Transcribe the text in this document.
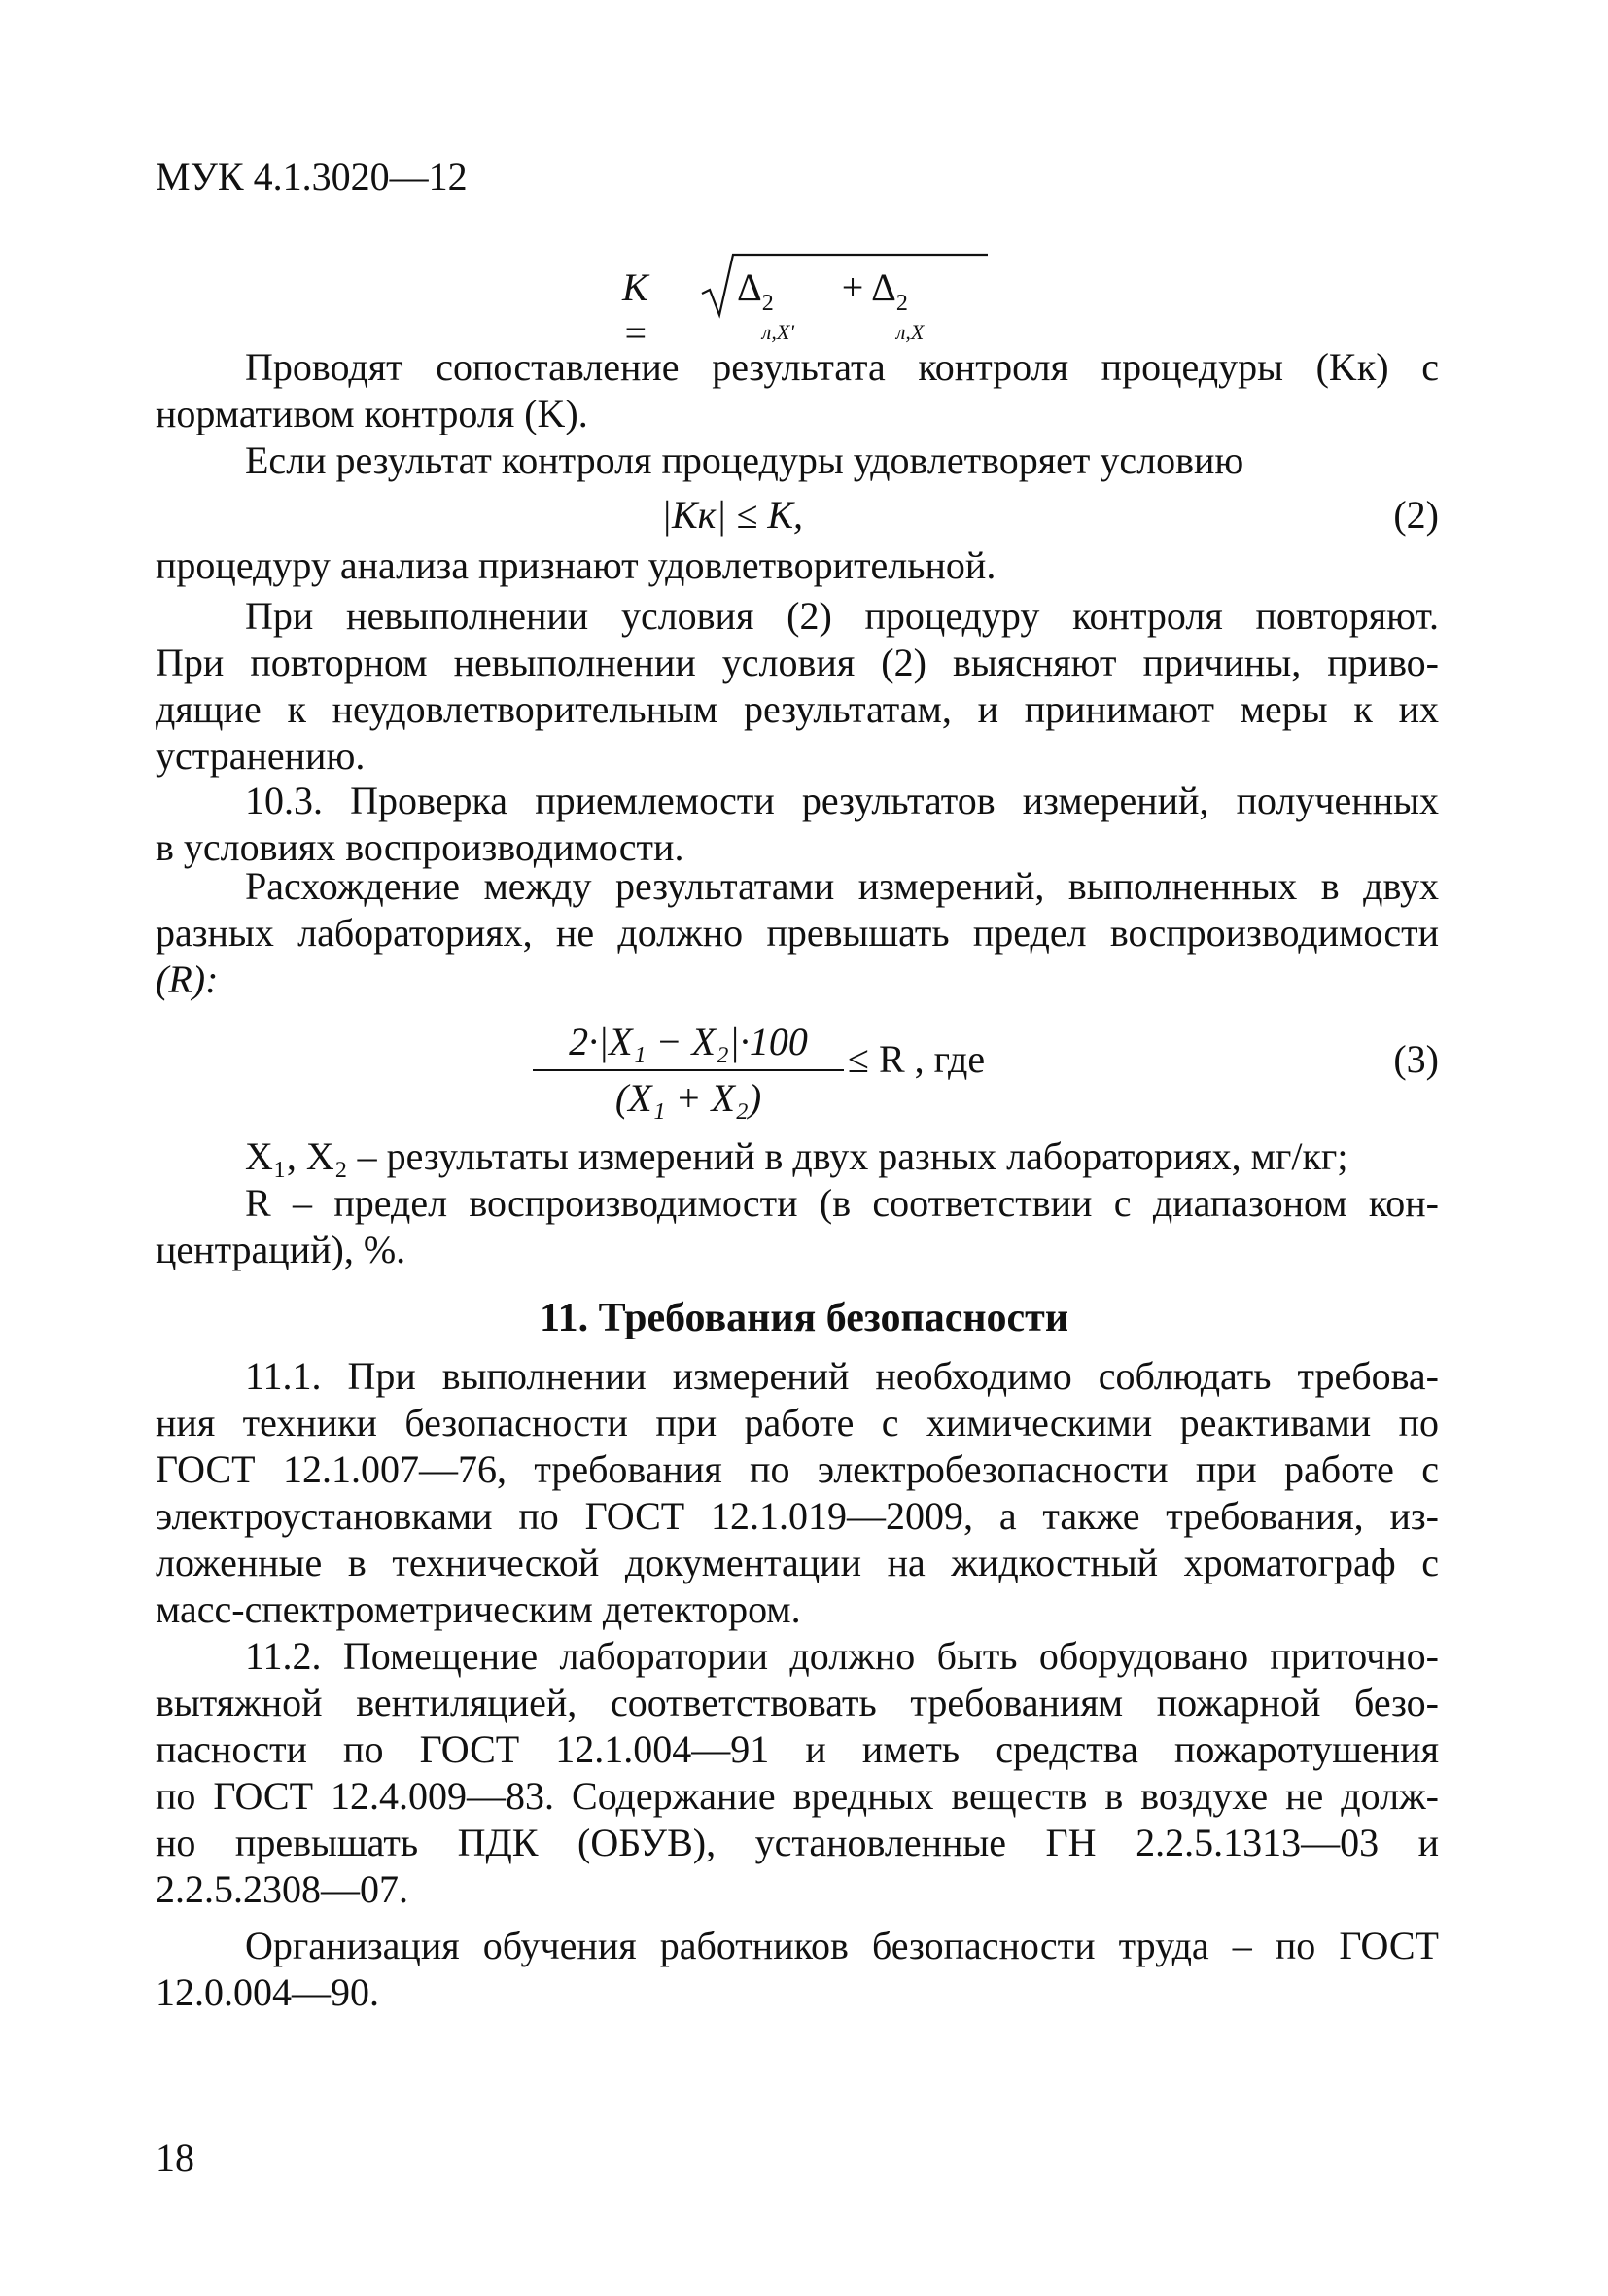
МУК 4.1.3020—12
K =
Δ 2
л,X'
+ Δ 2
л,X
Проводят сопоставление результата контроля процедуры (Kк) с
нормативом контроля (K).
Если результат контроля процедуры удовлетворяет условию
|Kк| ≤ K,	(2)
процедуру анализа признают удовлетворительной.
При невыполнении условия (2) процедуру контроля повторяют.
При повторном невыполнении условия (2) выясняют причины, приво-
дящие к неудовлетворительным результатам, и принимают меры к их
устранению.
10.3. Проверка приемлемости результатов измерений, полученных
в условиях воспроизводимости.
Расхождение между результатами измерений, выполненных в двух
разных лабораториях, не должно превышать предел воспроизводимости
(R):
2·|X₁ − X₂|·100
(X₁ + X₂)
≤ R , где	(3)
X₁, X₂ – результаты измерений в двух разных лабораториях, мг/кг;
R – предел воспроизводимости (в соответствии с диапазоном кон-
центраций), %.
11. Требования безопасности
11.1. При выполнении измерений необходимо соблюдать требова-
ния техники безопасности при работе с химическими реактивами по
ГОСТ 12.1.007—76, требования по электробезопасности при работе с
электроустановками по ГОСТ 12.1.019—2009, а также требования, из-
ложенные в технической документации на жидкостный хроматограф с
масс-спектрометрическим детектором.
11.2. Помещение лаборатории должно быть оборудовано приточно-
вытяжной вентиляцией, соответствовать требованиям пожарной безо-
пасности по ГОСТ 12.1.004—91 и иметь средства пожаротушения
по ГОСТ 12.4.009—83. Содержание вредных веществ в воздухе не долж-
но превышать ПДК (ОБУВ), установленные ГН 2.2.5.1313—03 и
2.2.5.2308—07.
Организация обучения работников безопасности труда – по ГОСТ
12.0.004—90.
18
